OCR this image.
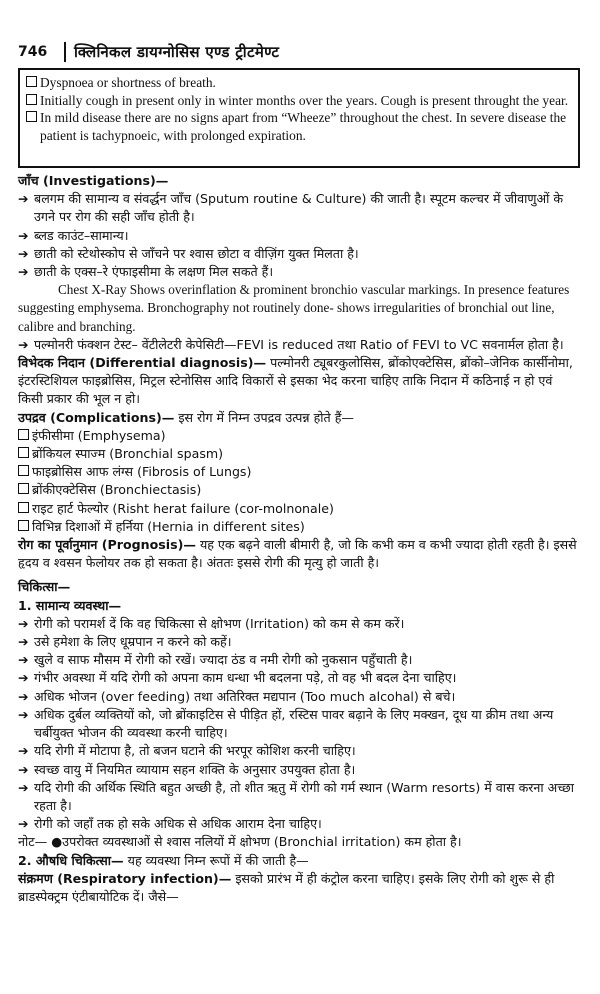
746	क्लिनिकल डायग्नोसिस एण्ड ट्रीटमेण्ट
Dyspnoea or shortness of breath.
Initially cough in present only in winter months over the years. Cough is present throught the year.
In mild disease there are no signs apart from “Wheeze” throughout the chest. In severe disease the patient is tachypnoeic, with prolonged expiration.

जाँच (Investigations)—

➔ बलगम की सामान्य व संवर्द्धन जाँच (Sputum routine & Culture) की जाती है। स्पूटम कल्चर में जीवाणुओं के उगने पर रोग की सही जाँच होती है।

➔ ब्लड काउंट–सामान्य।

➔ छाती को स्टेथोस्कोप से जाँचने पर श्वास छोटा व वीज़िंग युक्त मिलता है।

➔ छाती के एक्स–रे एंफाइसीमा के लक्षण मिल सकते हैं।

Chest X-Ray Shows overinflation & prominent bronchio vascular markings. In presence features suggesting emphysema. Bronchography not routinely done- shows irregularities of bronchial out line, calibre and branching.

➔ पल्मोनरी फंक्शन टेस्ट– वेंटीलेटरी केपेसिटी—FEVI is reduced तथा Ratio of FEVI to VC सवनार्मल होता है।

विभेदक निदान (Differential diagnosis)— पल्मोनरी ट्यूबरकुलोसिस, ब्रोंकोएक्टेसिस, ब्रोंको–जेनिक कार्सीनोमा, इंटरस्टिशियल फाइब्रोसिस, मिट्रल स्टेनोसिस आदि विकारों से इसका भेद करना चाहिए ताकि निदान में कठिनाई न हो एवं किसी प्रकार की भूल न हो।

उपद्रव (Complications)— इस रोग में निम्न उपद्रव उत्पन्न होते हैं—

इंफीसीमा (Emphysema)

ब्रोंकियल स्पाज्म (Bronchial spasm)

फाइब्रोसिस आफ लंग्स (Fibrosis of Lungs)

ब्रोंकीएक्टेसिस (Bronchiectasis)

राइट हार्ट फेल्योर (Risht herat failure (cor-molnonale)

विभिन्न दिशाओं में हर्निया (Hernia in different sites)

रोग का पूर्वानुमान (Prognosis)— यह एक बढ़ने वाली बीमारी है, जो कि कभी कम व कभी ज्यादा होती रहती है। इससे हृदय व श्वसन फेलोयर तक हो सकता है। अंततः इससे रोगी की मृत्यु हो जाती है।

चिकित्सा—

1. सामान्य व्यवस्था—

➔ रोगी को परामर्श दें कि वह चिकित्सा से क्षोभण (Irritation) को कम से कम करें।

➔ उसे हमेशा के लिए धूम्रपान न करने को कहें।

➔ खुले व साफ मौसम में रोगी को रखें। ज्यादा ठंड व नमी रोगी को नुकसान पहुँचाती है।

➔ गंभीर अवस्था में यदि रोगी को अपना काम धन्धा भी बदलना पड़े, तो वह भी बदल देना चाहिए।

➔ अधिक भोजन (over feeding) तथा अतिरिक्त मद्यपान (Too much alcohal) से बचे।

➔ अधिक दुर्बल व्यक्तियों को, जो ब्रोंकाइटिस से पीड़ित हों, रस्टिस पावर बढ़ाने के लिए मक्खन, दूध या क्रीम तथा अन्य चर्बीयुक्त भोजन की व्यवस्था करनी चाहिए।

➔ यदि रोगी में मोटापा है, तो बजन घटाने की भरपूर कोशिश करनी चाहिए।

➔ स्वच्छ वायु में नियमित व्यायाम सहन शक्ति के अनुसार उपयुक्त होता है।

➔ यदि रोगी की अर्थिक स्थिति बहुत अच्छी है, तो शीत ऋतु में रोगी को गर्म स्थान (Warm resorts) में वास करना अच्छा रहता है।

➔ रोगी को जहाँ तक हो सके अधिक से अधिक आराम देना चाहिए।

नोट— ●उपरोक्त व्यवस्थाओं से श्वास नलियों में क्षोभण (Bronchial irritation) कम होता है।

2. औषधि चिकित्सा— यह व्यवस्था निम्न रूपों में की जाती है—

संक्रमण (Respiratory infection)— इसको प्रारंभ में ही कंट्रोल करना चाहिए। इसके लिए रोगी को शुरू से ही ब्राडस्पेक्ट्रम एंटीबायोटिक दें। जैसे—
